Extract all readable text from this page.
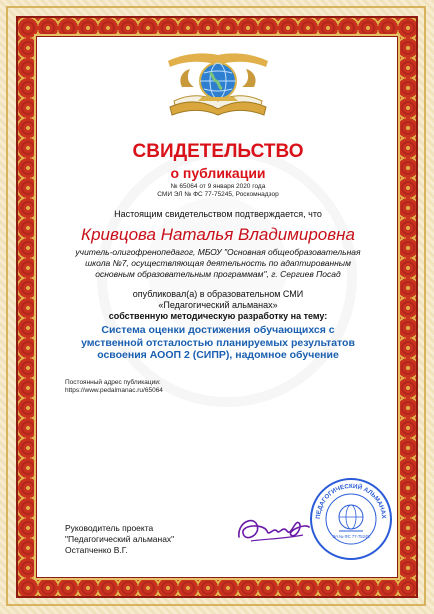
СВИДЕТЕЛЬСТВО
о публикации
№ 65064 от 9 января 2020 года
СМИ ЭЛ № ФС 77-75245, Роскомнадзор
Настоящим свидетельством подтверждается, что
Кривцова Наталья Владимировна
учитель-олигофренопедагог, МБОУ "Основная общеобразовательная
школа №7, осуществляющая деятельность по адаптированным
основным образовательным программам", г. Сергиев Посад
опубликовал(а) в образовательном СМИ
«Педагогический альманах»
собственную методическую разработку на тему:
Система оценки достижения обучающихся с
умственной отсталостью планируемых результатов
освоения АООП 2 (СИПР), надомное обучение
Постоянный адрес публикации:
https://www.pedalmanac.ru/65064
Руководитель проекта
"Педагогический альманах"
Остапченко В.Г.
ПЕДАГОГИЧЕСКИЙ АЛЬМАНАХ
Эл № ФС 77-75245
